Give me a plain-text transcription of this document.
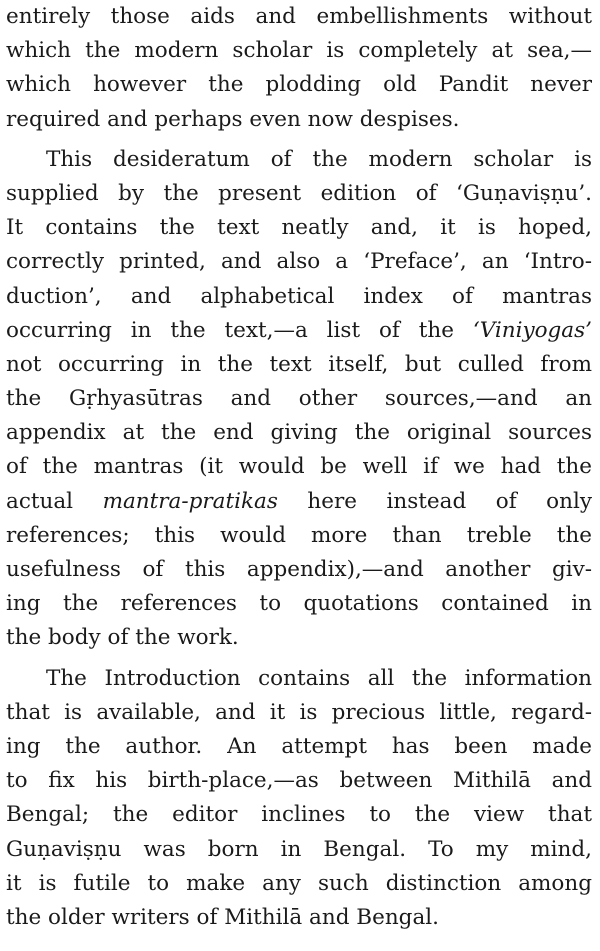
entirely those aids and embellishments without
which the modern scholar is completely at sea,—
which however the plodding old Pandit never
required and perhaps even now despises.
This desideratum of the modern scholar is
supplied by the present edition of ‘Guṇaviṣṇu’.
It contains the text neatly and, it is hoped,
correctly printed, and also a ‘Preface’, an ‘Intro-
duction’, and alphabetical index of mantras
occurring in the text,—a list of the ‘Viniyogas’
not occurring in the text itself, but culled from
the Gṛhyasūtras and other sources,—and an
appendix at the end giving the original sources
of the mantras (it would be well if we had the
actual mantra-pratikas here instead of only
references; this would more than treble the
usefulness of this appendix),—and another giv-
ing the references to quotations contained in
the body of the work.
The Introduction contains all the information
that is available, and it is precious little, regard-
ing the author. An attempt has been made
to fix his birth-place,—as between Mithilā and
Bengal; the editor inclines to the view that
Guṇaviṣṇu was born in Bengal. To my mind,
it is futile to make any such distinction among
the older writers of Mithilā and Bengal.
